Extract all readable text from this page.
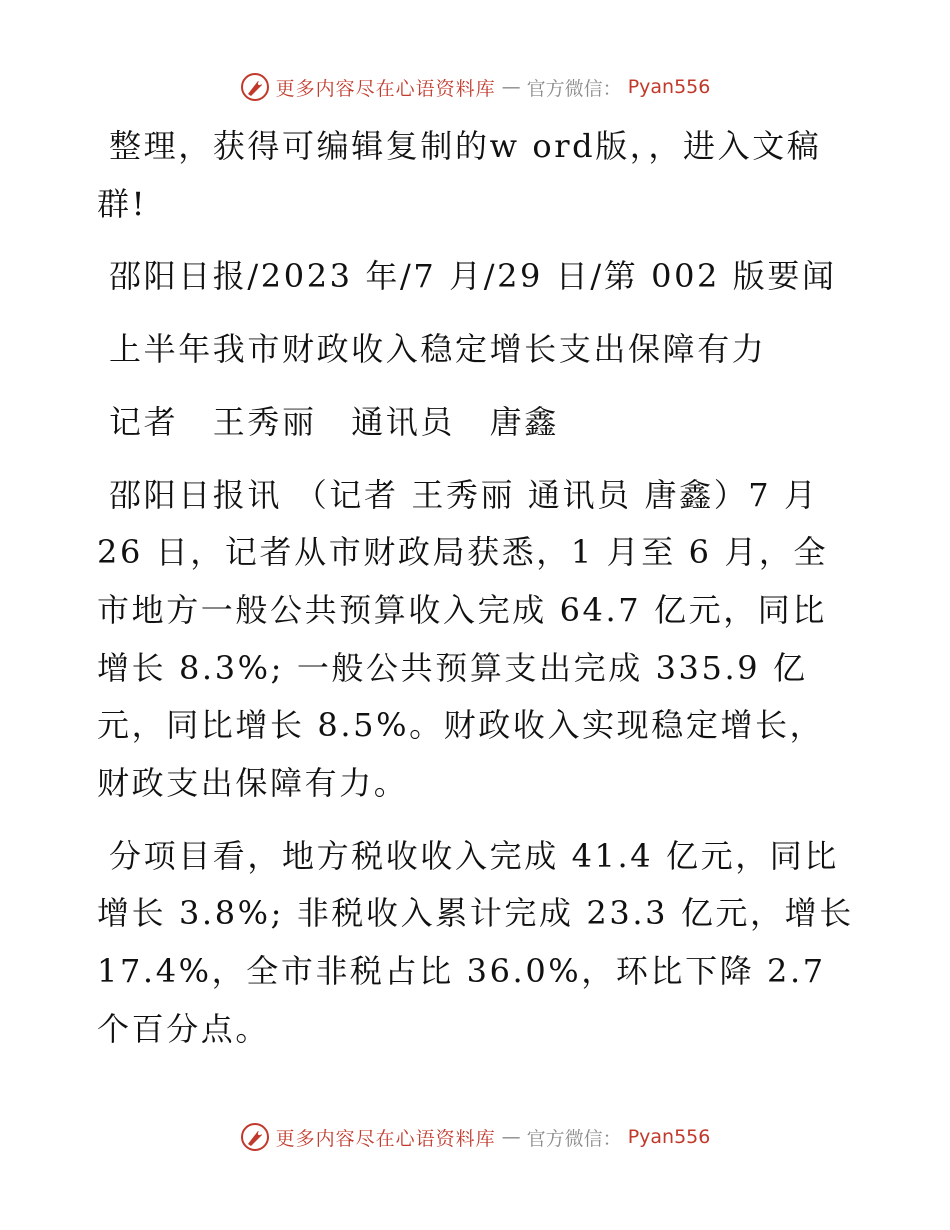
更多内容尽在心语资料库 — 官方微信： Pyan556

整理，获得可编辑复制的w ord版，，进入文稿群!

邵阳日报/2023 年/7 月/29 日/第 002 版要闻

上半年我市财政收入稳定增长支出保障有力

记者　王秀丽　通讯员　唐鑫

邵阳日报讯 （记者 王秀丽 通讯员 唐鑫）7 月 26 日，记者从市财政局获悉，1 月至 6 月，全市地方一般公共预算收入完成 64.7 亿元，同比增长 8.3%; 一般公共预算支出完成 335.9 亿元，同比增长 8.5%。财政收入实现稳定增长，财政支出保障有力。

分项目看，地方税收收入完成 41.4 亿元，同比增长 3.8%; 非税收入累计完成 23.3 亿元，增长 17.4%，全市非税占比 36.0%，环比下降 2.7 个百分点。

更多内容尽在心语资料库 — 官方微信： Pyan556
